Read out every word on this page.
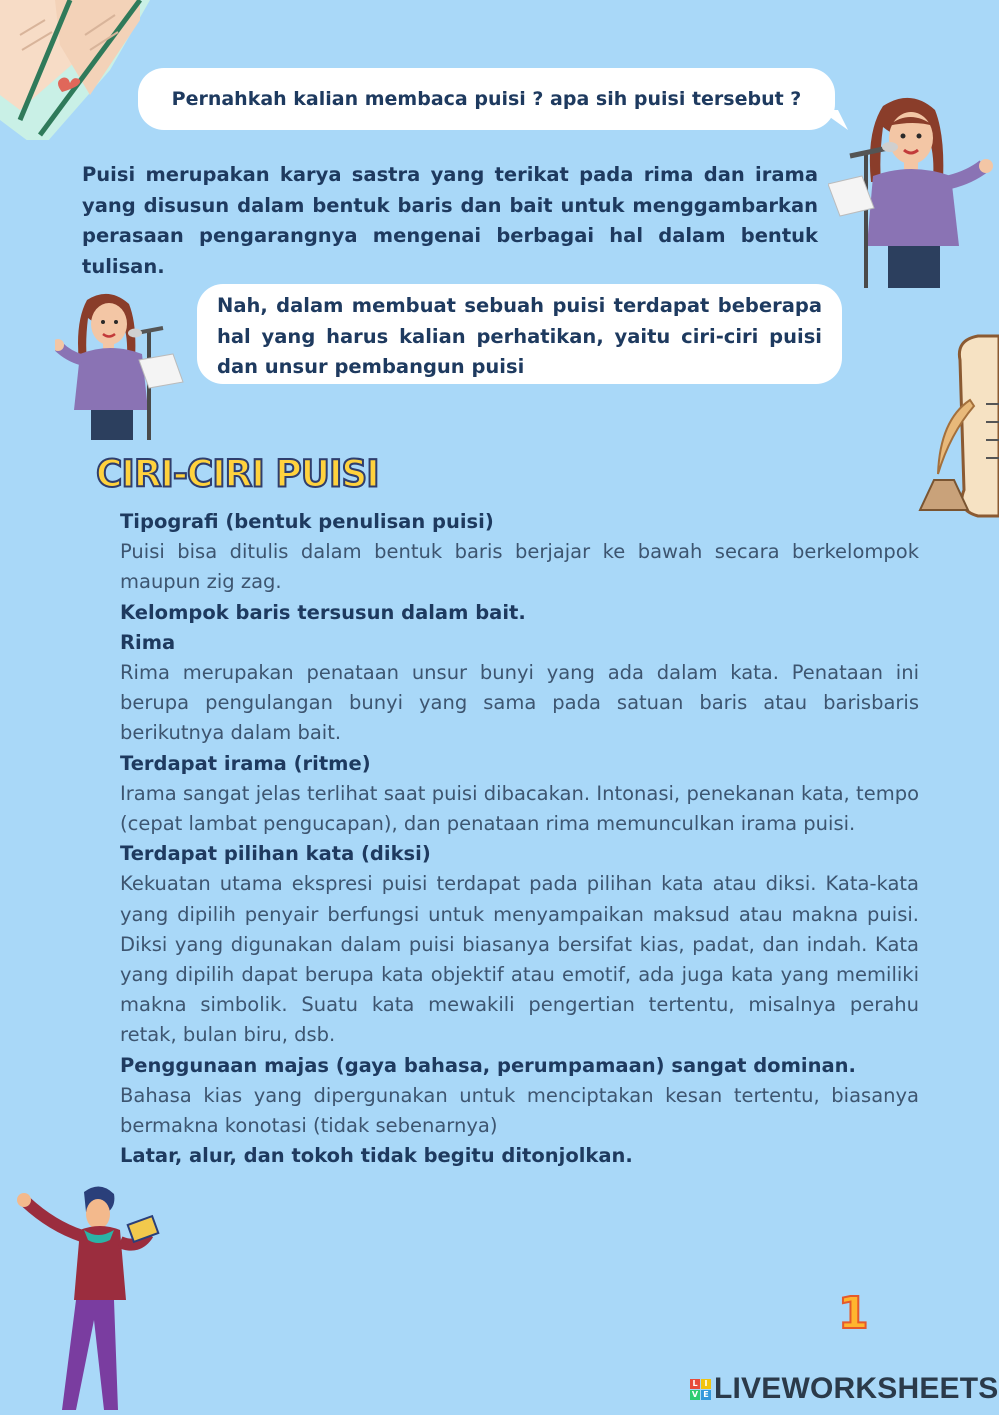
Pernahkah kalian membaca puisi ? apa sih puisi tersebut ?
Puisi merupakan karya sastra yang terikat pada rima dan irama yang disusun dalam bentuk baris dan bait untuk menggambarkan perasaan pengarangnya mengenai berbagai hal dalam bentuk tulisan.
Nah, dalam membuat sebuah puisi terdapat beberapa hal yang harus kalian perhatikan, yaitu ciri-ciri puisi dan unsur pembangun puisi
CIRI-CIRI PUISI

Tipografi (bentuk penulisan puisi)

Puisi bisa ditulis dalam bentuk baris berjajar ke bawah secara berkelompok maupun zig zag.

Kelompok baris tersusun dalam bait.

Rima

Rima merupakan penataan unsur bunyi yang ada dalam kata. Penataan ini berupa pengulangan bunyi yang sama pada satuan baris atau barisbaris berikutnya dalam bait.

Terdapat irama (ritme)

Irama sangat jelas terlihat saat puisi dibacakan. Intonasi, penekanan kata, tempo (cepat lambat pengucapan), dan penataan rima memunculkan irama puisi.

Terdapat pilihan kata (diksi)

Kekuatan utama ekspresi puisi terdapat pada pilihan kata atau diksi. Kata-kata yang dipilih penyair berfungsi untuk menyampaikan maksud atau makna puisi. Diksi yang digunakan dalam puisi biasanya bersifat kias, padat, dan indah. Kata yang dipilih dapat berupa kata objektif atau emotif, ada juga kata yang memiliki makna simbolik. Suatu kata mewakili pengertian tertentu, misalnya perahu retak, bulan biru, dsb.

Penggunaan majas (gaya bahasa, perumpamaan) sangat dominan.

Bahasa kias yang dipergunakan untuk menciptakan kesan tertentu, biasanya bermakna konotasi (tidak sebenarnya)

Latar, alur, dan tokoh tidak begitu ditonjolkan.

1
L I
V E LIVEWORKSHEETS
